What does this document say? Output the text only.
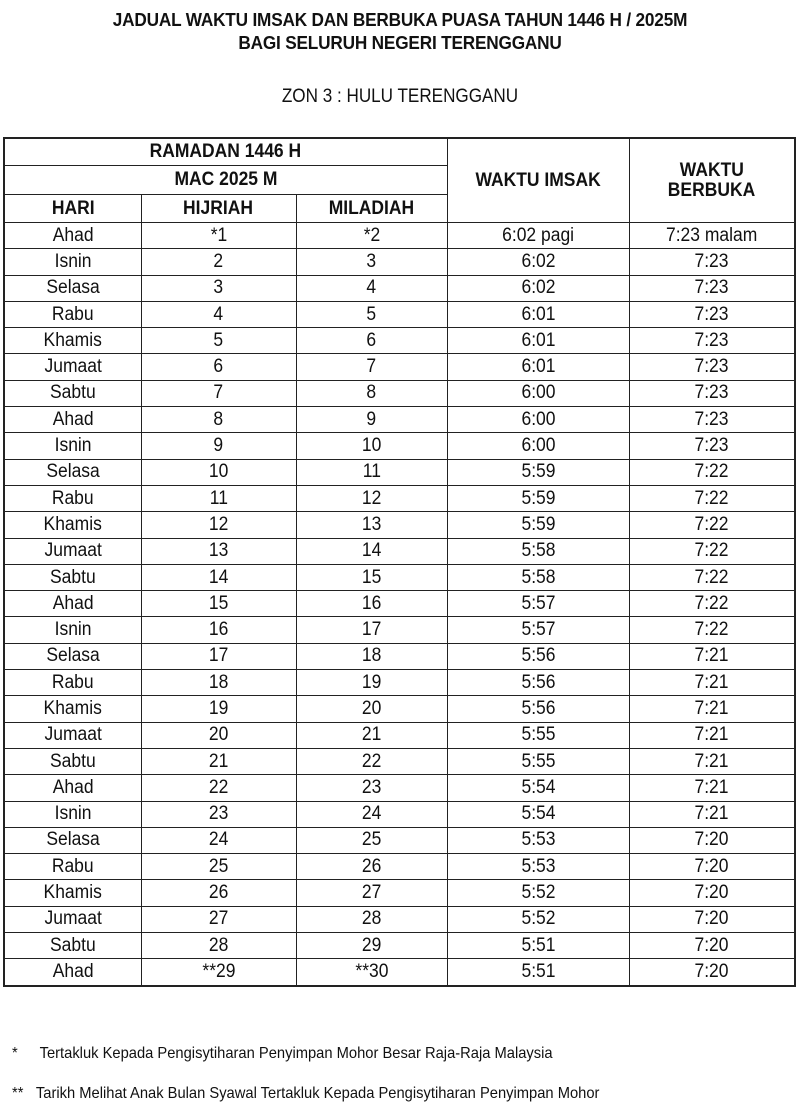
JADUAL WAKTU IMSAK DAN BERBUKA PUASA TAHUN 1446 H / 2025M
BAGI SELURUH NEGERI TERENGGANU
ZON 3 : HULU TERENGGANU
RAMADAN 1446 H			WAKTU IMSAK	WAKTU
BERBUKA
MAC 2025 M				
HARI	HIJRIAH	MILADIAH		
Ahad	*1	*2	6:02 pagi	7:23 malam
Isnin	2	3	6:02	7:23
Selasa	3	4	6:02	7:23
Rabu	4	5	6:01	7:23
Khamis	5	6	6:01	7:23
Jumaat	6	7	6:01	7:23
Sabtu	7	8	6:00	7:23
Ahad	8	9	6:00	7:23
Isnin	9	10	6:00	7:23
Selasa	10	11	5:59	7:22
Rabu	11	12	5:59	7:22
Khamis	12	13	5:59	7:22
Jumaat	13	14	5:58	7:22
Sabtu	14	15	5:58	7:22
Ahad	15	16	5:57	7:22
Isnin	16	17	5:57	7:22
Selasa	17	18	5:56	7:21
Rabu	18	19	5:56	7:21
Khamis	19	20	5:56	7:21
Jumaat	20	21	5:55	7:21
Sabtu	21	22	5:55	7:21
Ahad	22	23	5:54	7:21
Isnin	23	24	5:54	7:21
Selasa	24	25	5:53	7:20
Rabu	25	26	5:53	7:20
Khamis	26	27	5:52	7:20
Jumaat	27	28	5:52	7:20
Sabtu	28	29	5:51	7:20
Ahad	**29	**30	5:51	7:20
* Tertakluk Kepada Pengisytiharan Penyimpan Mohor Besar Raja-Raja Malaysia
** Tarikh Melihat Anak Bulan Syawal Tertakluk Kepada Pengisytiharan Penyimpan Mohor
